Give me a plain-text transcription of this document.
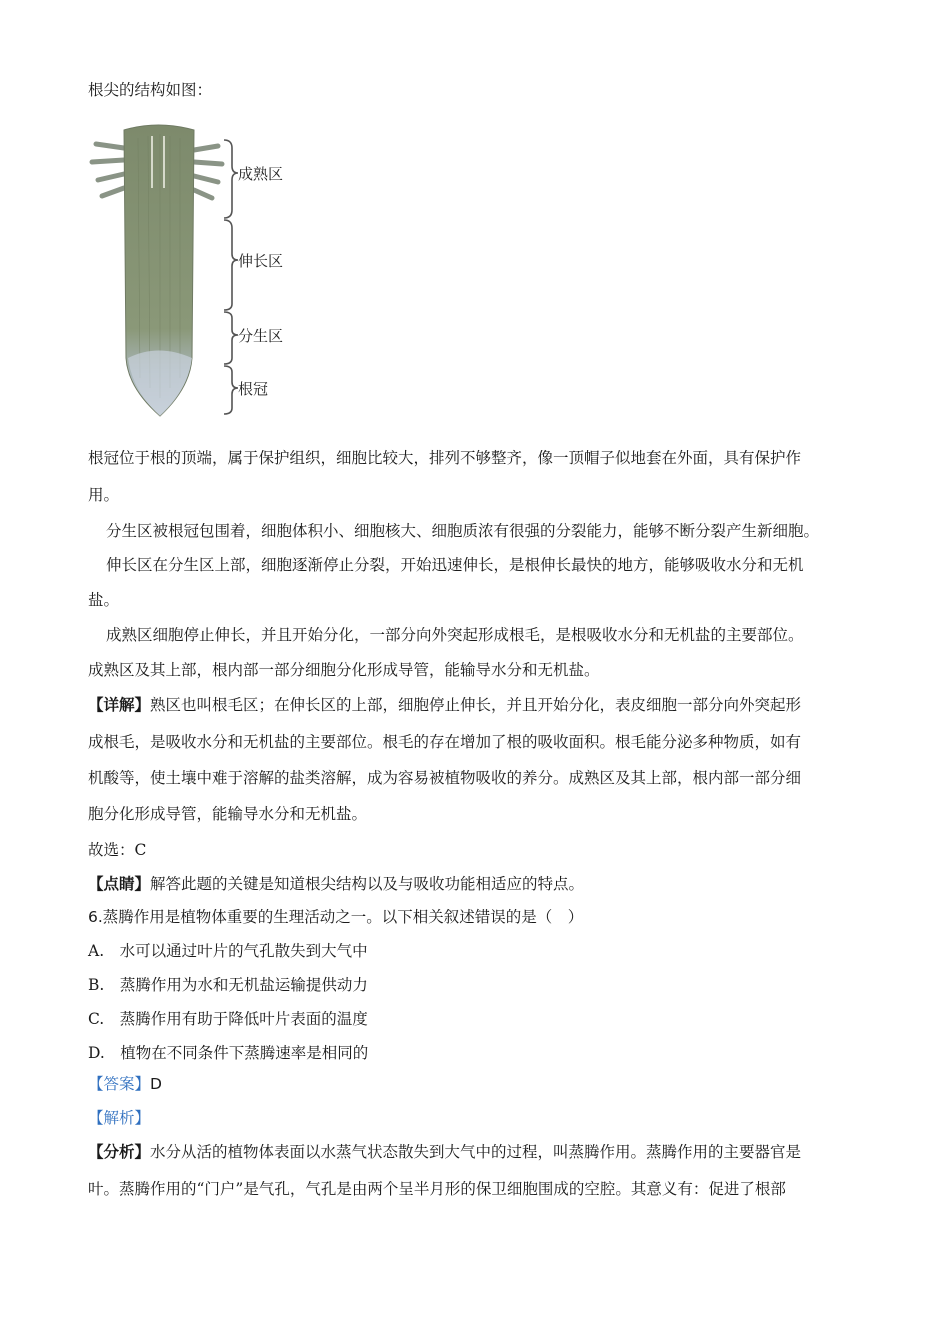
根尖的结构如图：
成熟区
伸长区
分生区
根冠
根冠位于根的顶端，属于保护组织，细胞比较大，排列不够整齐，像一顶帽子似地套在外面，具有保护作
用。
分生区被根冠包围着，细胞体积小、细胞核大、细胞质浓有很强的分裂能力，能够不断分裂产生新细胞。
伸长区在分生区上部，细胞逐渐停止分裂，开始迅速伸长，是根伸长最快的地方，能够吸收水分和无机
盐。
成熟区细胞停止伸长，并且开始分化，一部分向外突起形成根毛，是根吸收水分和无机盐的主要部位。
成熟区及其上部，根内部一部分细胞分化形成导管，能输导水分和无机盐。
【详解】熟区也叫根毛区；在伸长区的上部，细胞停止伸长，并且开始分化，表皮细胞一部分向外突起形
成根毛，是吸收水分和无机盐的主要部位。根毛的存在增加了根的吸收面积。根毛能分泌多种物质，如有
机酸等，使土壤中难于溶解的盐类溶解，成为容易被植物吸收的养分。成熟区及其上部，根内部一部分细
胞分化形成导管，能输导水分和无机盐。
故选：C
【点睛】解答此题的关键是知道根尖结构以及与吸收功能相适应的特点。
6.蒸腾作用是植物体重要的生理活动之一。以下相关叙述错误的是（　）
A.　水可以通过叶片的气孔散失到大气中
B.　蒸腾作用为水和无机盐运输提供动力
C.　蒸腾作用有助于降低叶片表面的温度
D.　植物在不同条件下蒸腾速率是相同的
【答案】D
【解析】
【分析】水分从活的植物体表面以水蒸气状态散失到大气中的过程，叫蒸腾作用。蒸腾作用的主要器官是
叶。蒸腾作用的“门户”是气孔，气孔是由两个呈半月形的保卫细胞围成的空腔。其意义有：促进了根部
